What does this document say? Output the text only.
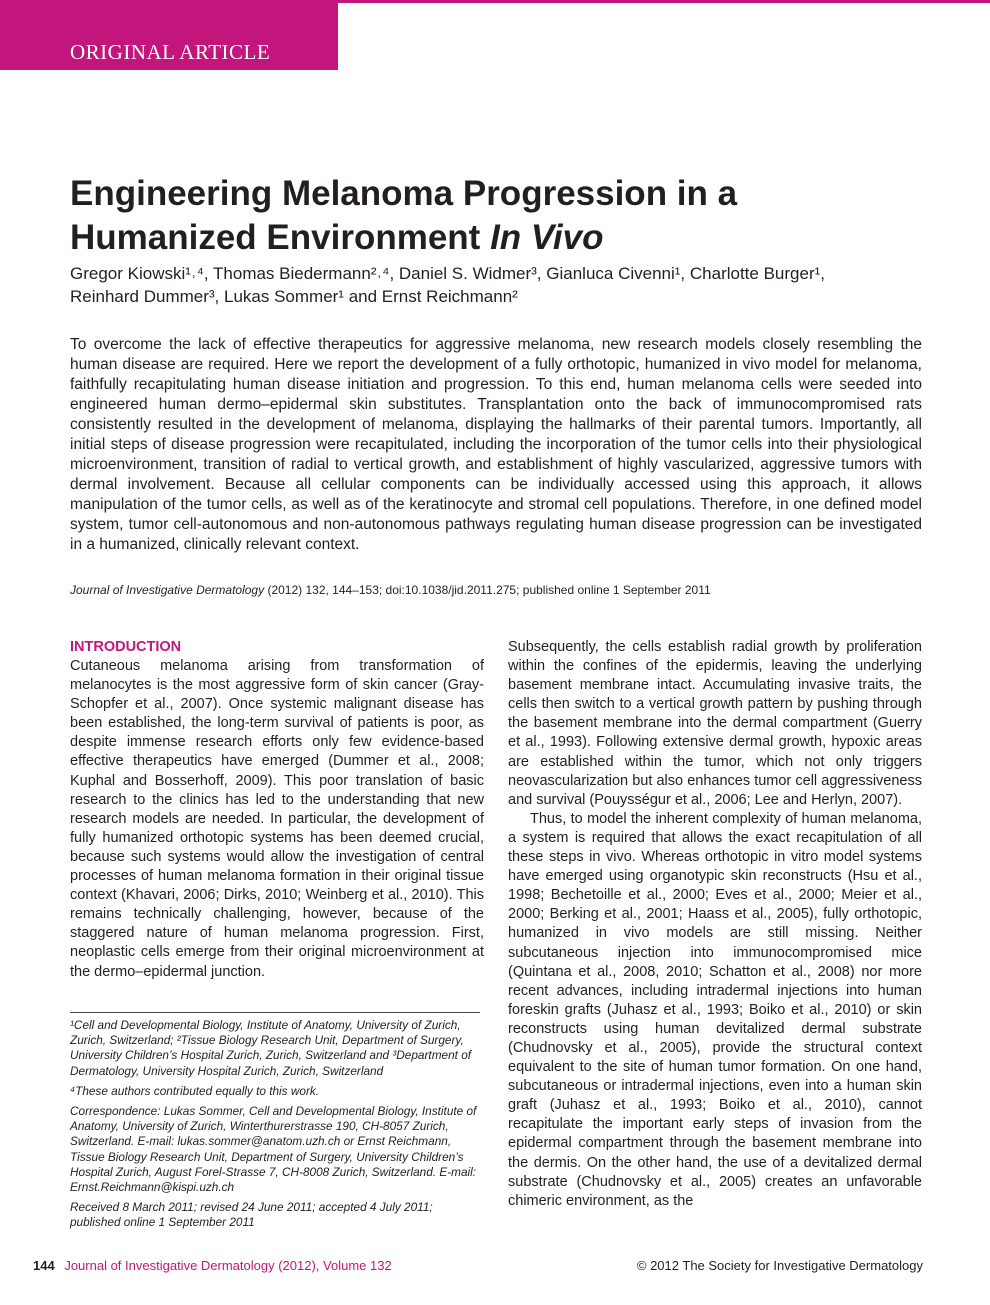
ORIGINAL ARTICLE
Engineering Melanoma Progression in a Humanized Environment In Vivo
Gregor Kiowski¹˒⁴, Thomas Biedermann²˒⁴, Daniel S. Widmer³, Gianluca Civenni¹, Charlotte Burger¹,
Reinhard Dummer³, Lukas Sommer¹ and Ernst Reichmann²
To overcome the lack of effective therapeutics for aggressive melanoma, new research models closely resembling the human disease are required. Here we report the development of a fully orthotopic, humanized in vivo model for melanoma, faithfully recapitulating human disease initiation and progression. To this end, human melanoma cells were seeded into engineered human dermo–epidermal skin substitutes. Transplantation onto the back of immunocompromised rats consistently resulted in the development of melanoma, displaying the hallmarks of their parental tumors. Importantly, all initial steps of disease progression were recapitulated, including the incorporation of the tumor cells into their physiological microenvironment, transition of radial to vertical growth, and establishment of highly vascularized, aggressive tumors with dermal involvement. Because all cellular components can be individually accessed using this approach, it allows manipulation of the tumor cells, as well as of the keratinocyte and stromal cell populations. Therefore, in one defined model system, tumor cell-autonomous and non-autonomous pathways regulating human disease progression can be investigated in a humanized, clinically relevant context.
Journal of Investigative Dermatology (2012) 132, 144–153; doi:10.1038/jid.2011.275; published online 1 September 2011
INTRODUCTION

Cutaneous melanoma arising from transformation of melanocytes is the most aggressive form of skin cancer (Gray-Schopfer et al., 2007). Once systemic malignant disease has been established, the long-term survival of patients is poor, as despite immense research efforts only few evidence-based effective therapeutics have emerged (Dummer et al., 2008; Kuphal and Bosserhoff, 2009). This poor translation of basic research to the clinics has led to the understanding that new research models are needed. In particular, the development of fully humanized orthotopic systems has been deemed crucial, because such systems would allow the investigation of central processes of human melanoma formation in their original tissue context (Khavari, 2006; Dirks, 2010; Weinberg et al., 2010). This remains technically challenging, however, because of the staggered nature of human melanoma progression. First, neoplastic cells emerge from their original microenvironment at the dermo–epidermal junction.

Subsequently, the cells establish radial growth by proliferation within the confines of the epidermis, leaving the underlying basement membrane intact. Accumulating invasive traits, the cells then switch to a vertical growth pattern by pushing through the basement membrane into the dermal compartment (Guerry et al., 1993). Following extensive dermal growth, hypoxic areas are established within the tumor, which not only triggers neovascularization but also enhances tumor cell aggressiveness and survival (Pouysségur et al., 2006; Lee and Herlyn, 2007).

Thus, to model the inherent complexity of human melanoma, a system is required that allows the exact recapitulation of all these steps in vivo. Whereas orthotopic in vitro model systems have emerged using organotypic skin reconstructs (Hsu et al., 1998; Bechetoille et al., 2000; Eves et al., 2000; Meier et al., 2000; Berking et al., 2001; Haass et al., 2005), fully orthotopic, humanized in vivo models are still missing. Neither subcutaneous injection into immunocompromised mice (Quintana et al., 2008, 2010; Schatton et al., 2008) nor more recent advances, including intradermal injections into human foreskin grafts (Juhasz et al., 1993; Boiko et al., 2010) or skin reconstructs using human devitalized dermal substrate (Chudnovsky et al., 2005), provide the structural context equivalent to the site of human tumor formation. On one hand, subcutaneous or intradermal injections, even into a human skin graft (Juhasz et al., 1993; Boiko et al., 2010), cannot recapitulate the important early steps of invasion from the epidermal compartment through the basement membrane into the dermis. On the other hand, the use of a devitalized dermal substrate (Chudnovsky et al., 2005) creates an unfavorable chimeric environment, as the

¹Cell and Developmental Biology, Institute of Anatomy, University of Zurich, Zurich, Switzerland; ²Tissue Biology Research Unit, Department of Surgery, University Children’s Hospital Zurich, Zurich, Switzerland and ³Department of Dermatology, University Hospital Zurich, Zurich, Switzerland

⁴These authors contributed equally to this work.

Correspondence: Lukas Sommer, Cell and Developmental Biology, Institute of Anatomy, University of Zurich, Winterthurerstrasse 190, CH-8057 Zurich, Switzerland. E-mail: lukas.sommer@anatom.uzh.ch or Ernst Reichmann, Tissue Biology Research Unit, Department of Surgery, University Children’s Hospital Zurich, August Forel-Strasse 7, CH-8008 Zurich, Switzerland. E-mail: Ernst.Reichmann@kispi.uzh.ch

Received 8 March 2011; revised 24 June 2011; accepted 4 July 2011; published online 1 September 2011

144 Journal of Investigative Dermatology (2012), Volume 132	© 2012 The Society for Investigative Dermatology
